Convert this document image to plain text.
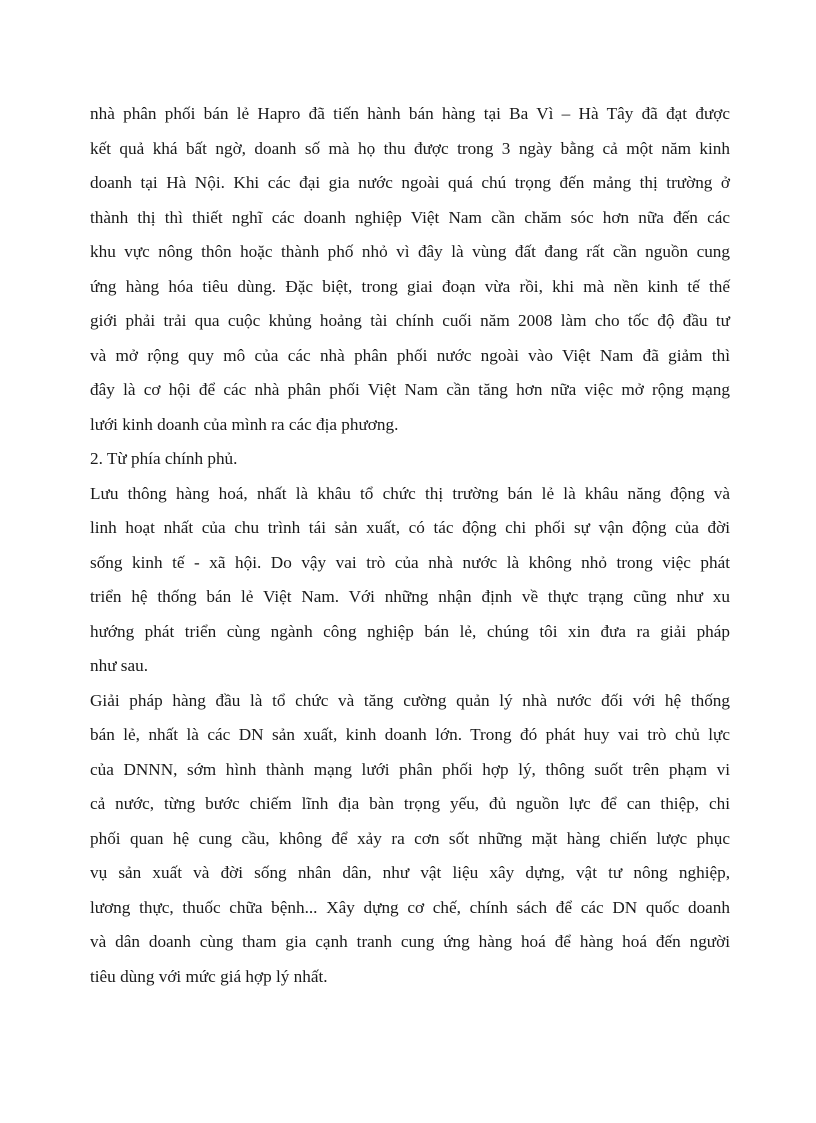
nhà phân phối bán lẻ Hapro đã tiến hành bán hàng tại Ba Vì – Hà Tây đã đạt được
kết quả khá bất ngờ, doanh số mà họ thu được trong 3 ngày bằng cả một năm kinh
doanh tại Hà Nội. Khi các đại gia nước ngoài quá chú trọng đến mảng thị trường ở
thành thị thì thiết nghĩ các doanh nghiệp Việt Nam cần chăm sóc hơn nữa đến các
khu vực nông thôn hoặc thành phố nhỏ vì đây là vùng đất đang rất cần nguồn cung
ứng hàng hóa tiêu dùng. Đặc biệt, trong giai đoạn vừa rồi, khi mà nền kinh tế thế
giới phải trải qua cuộc khủng hoảng tài chính cuối năm 2008 làm cho tốc độ đầu tư
và mở rộng quy mô của các nhà phân phối nước ngoài vào Việt Nam đã giảm thì
đây là cơ hội để các nhà phân phối Việt Nam cần tăng hơn nữa việc mở rộng mạng
lưới kinh doanh của mình ra các địa phương.
2. Từ phía chính phủ.
Lưu thông hàng hoá, nhất là khâu tổ chức thị trường bán lẻ là khâu năng động và
linh hoạt nhất của chu trình tái sản xuất, có tác động chi phối sự vận động của đời
sống kinh tế - xã hội. Do vậy vai trò của nhà nước là không nhỏ trong việc phát
triển hệ thống bán lẻ Việt Nam. Với những nhận định về thực trạng cũng như xu
hướng phát triển cùng ngành công nghiệp bán lẻ, chúng tôi xin đưa ra giải pháp
như sau.
Giải pháp hàng đầu là tổ chức và tăng cường quản lý nhà nước đối với hệ thống
bán lẻ, nhất là các DN sản xuất, kinh doanh lớn. Trong đó phát huy vai trò chủ lực
của DNNN, sớm hình thành mạng lưới phân phối hợp lý, thông suốt trên phạm vi
cả nước, từng bước chiếm lĩnh địa bàn trọng yếu, đủ nguồn lực để can thiệp, chi
phối quan hệ cung cầu, không để xảy ra cơn sốt những mặt hàng chiến lược phục
vụ sản xuất và đời sống nhân dân, như vật liệu xây dựng, vật tư nông nghiệp,
lương thực, thuốc chữa bệnh... Xây dựng cơ chế, chính sách để các DN quốc doanh
và dân doanh cùng tham gia cạnh tranh cung ứng hàng hoá để hàng hoá đến người
tiêu dùng với mức giá hợp lý nhất.
